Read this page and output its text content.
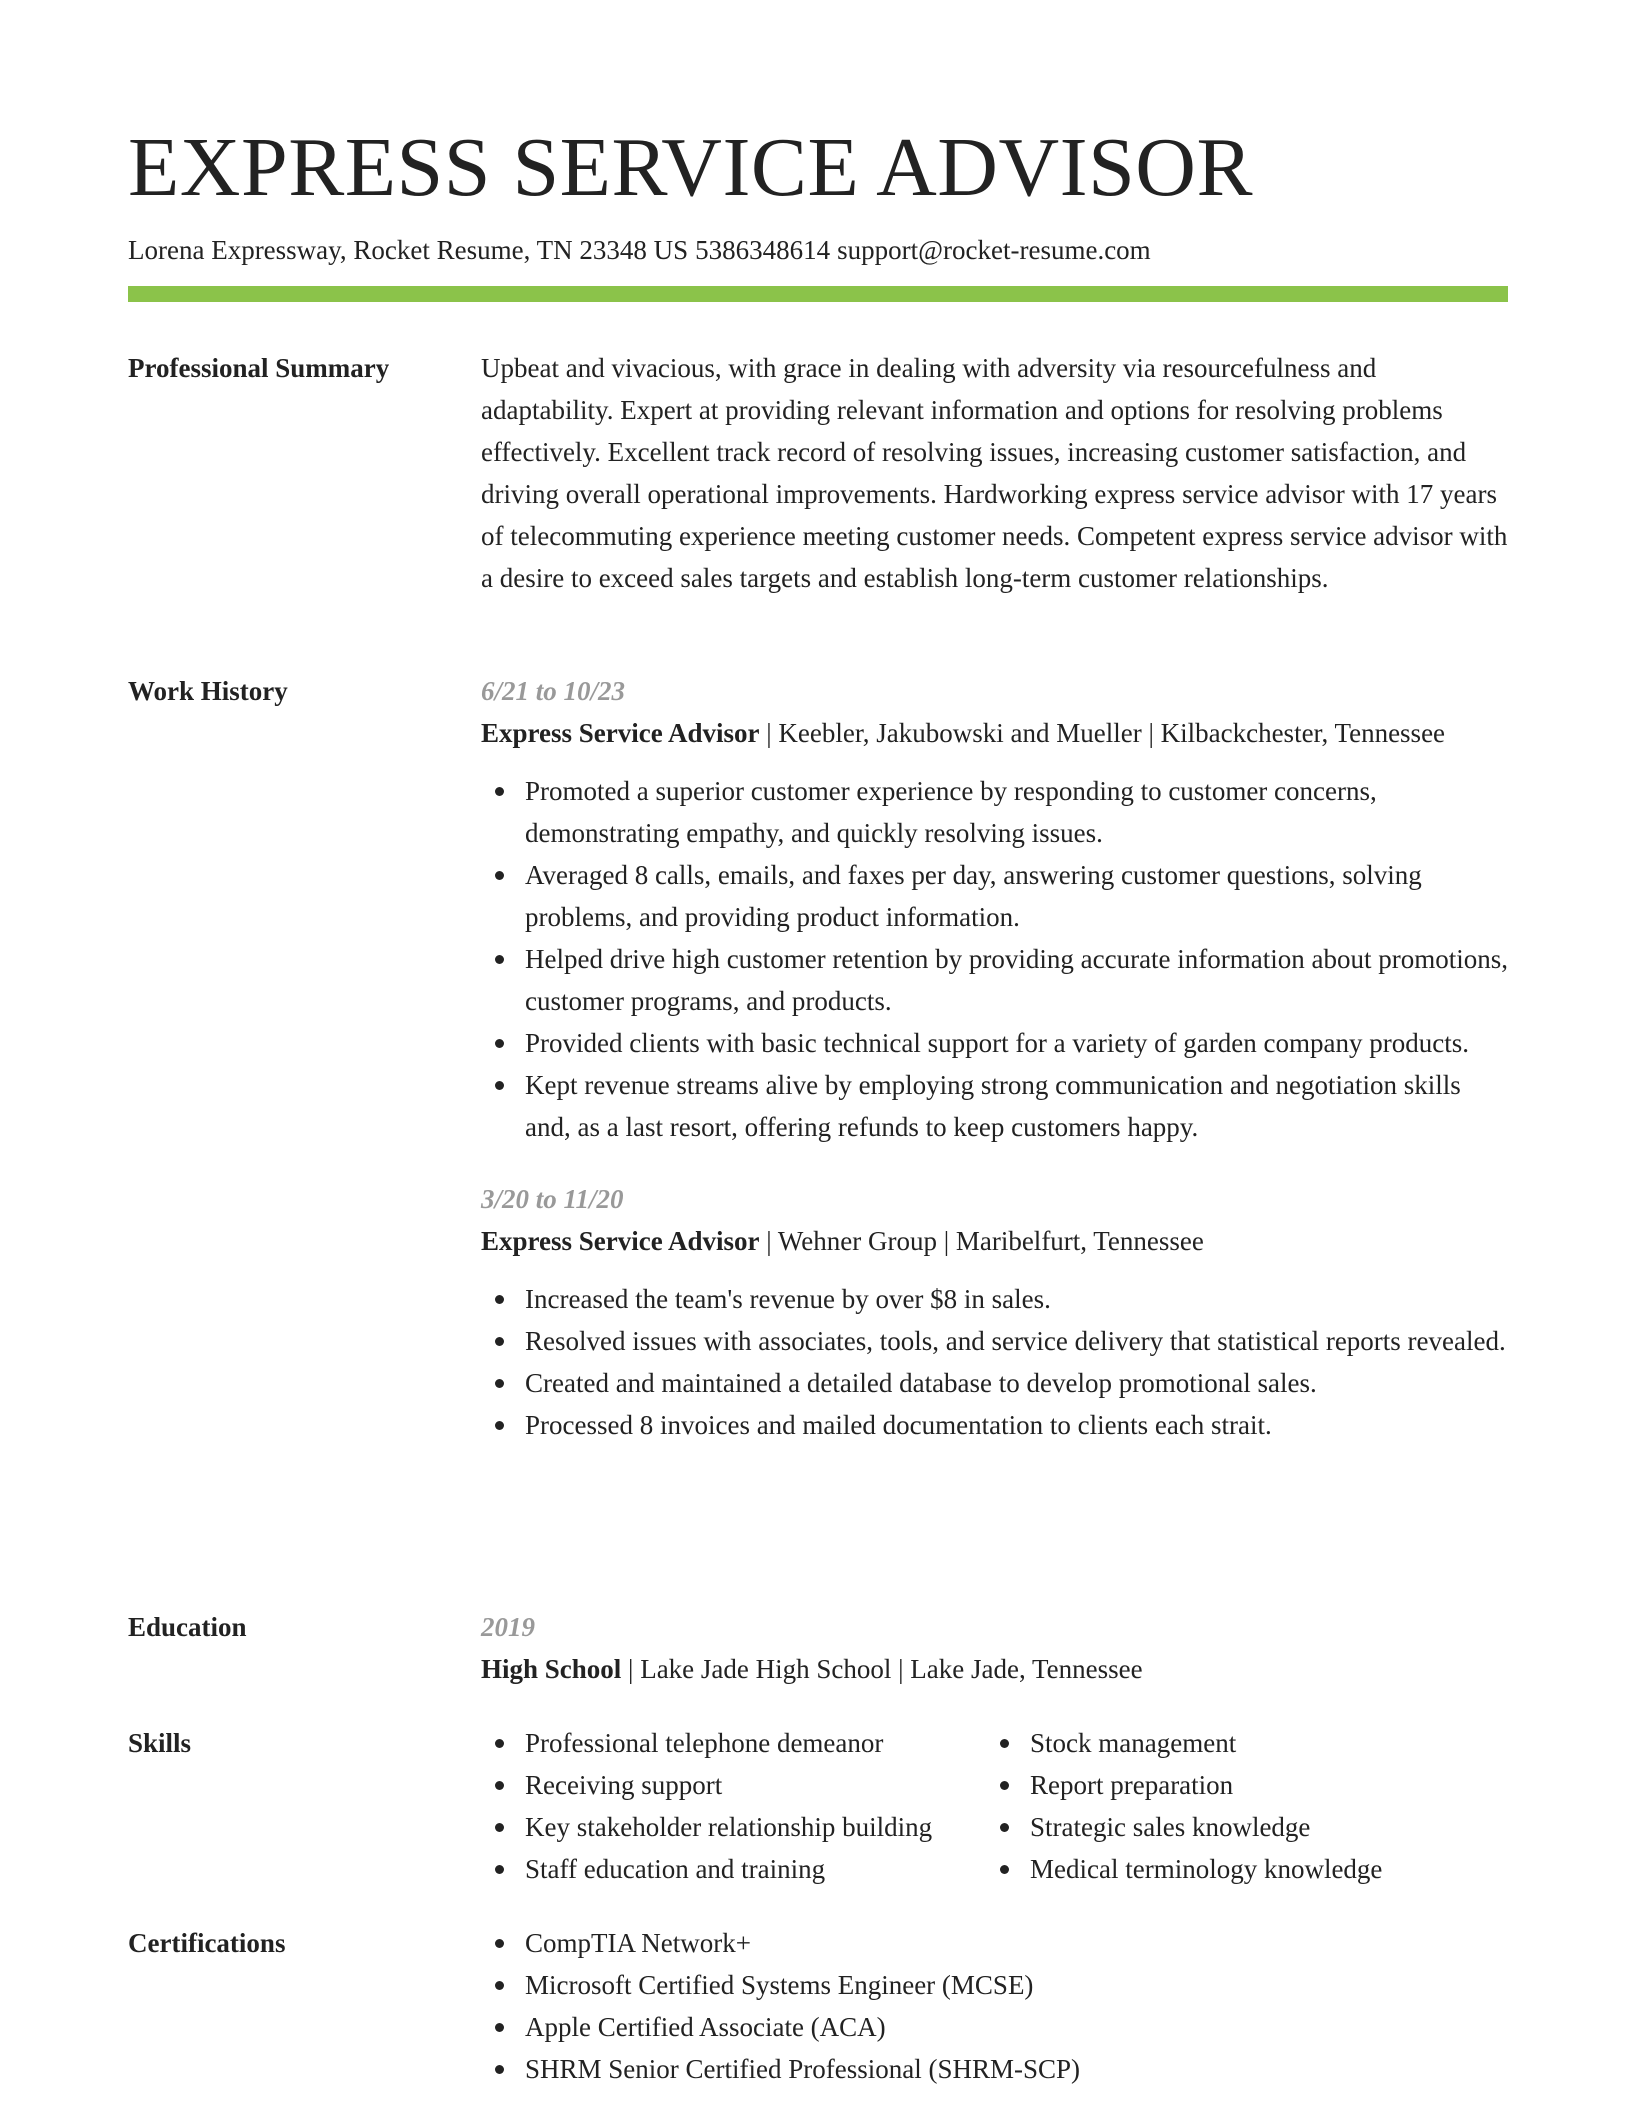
EXPRESS SERVICE ADVISOR
Lorena Expressway, Rocket Resume, TN 23348 US 5386348614 support@rocket-resume.com
Professional Summary	Upbeat and vivacious, with grace in dealing with adversity via resourcefulness and adaptability. Expert at providing relevant information and options for resolving problems effectively. Excellent track record of resolving issues, increasing customer satisfaction, and driving overall operational improvements. Hardworking express service advisor with 17 years of telecommuting experience meeting customer needs. Competent express service advisor with a desire to exceed sales targets and establish long-term customer relationships.
Work History	6/21 to 10/23
Express Service Advisor | Keebler, Jakubowski and Mueller | Kilbackchester, Tennessee
Promoted a superior customer experience by responding to customer concerns, demonstrating empathy, and quickly resolving issues.
Averaged 8 calls, emails, and faxes per day, answering customer questions, solving problems, and providing product information.
Helped drive high customer retention by providing accurate information about promotions, customer programs, and products.
Provided clients with basic technical support for a variety of garden company products.
Kept revenue streams alive by employing strong communication and negotiation skills and, as a last resort, offering refunds to keep customers happy.
3/20 to 11/20
Express Service Advisor | Wehner Group | Maribelfurt, Tennessee
Increased the team's revenue by over $8 in sales.
Resolved issues with associates, tools, and service delivery that statistical reports revealed.
Created and maintained a detailed database to develop promotional sales.
Processed 8 invoices and mailed documentation to clients each strait.
Education	2019
High School | Lake Jade High School | Lake Jade, Tennessee
Skills	Professional telephone demeanor
Receiving support
Key stakeholder relationship building
Staff education and training
Stock management
Report preparation
Strategic sales knowledge
Medical terminology knowledge
Certifications	CompTIA Network+
Microsoft Certified Systems Engineer (MCSE)
Apple Certified Associate (ACA)
SHRM Senior Certified Professional (SHRM-SCP)
